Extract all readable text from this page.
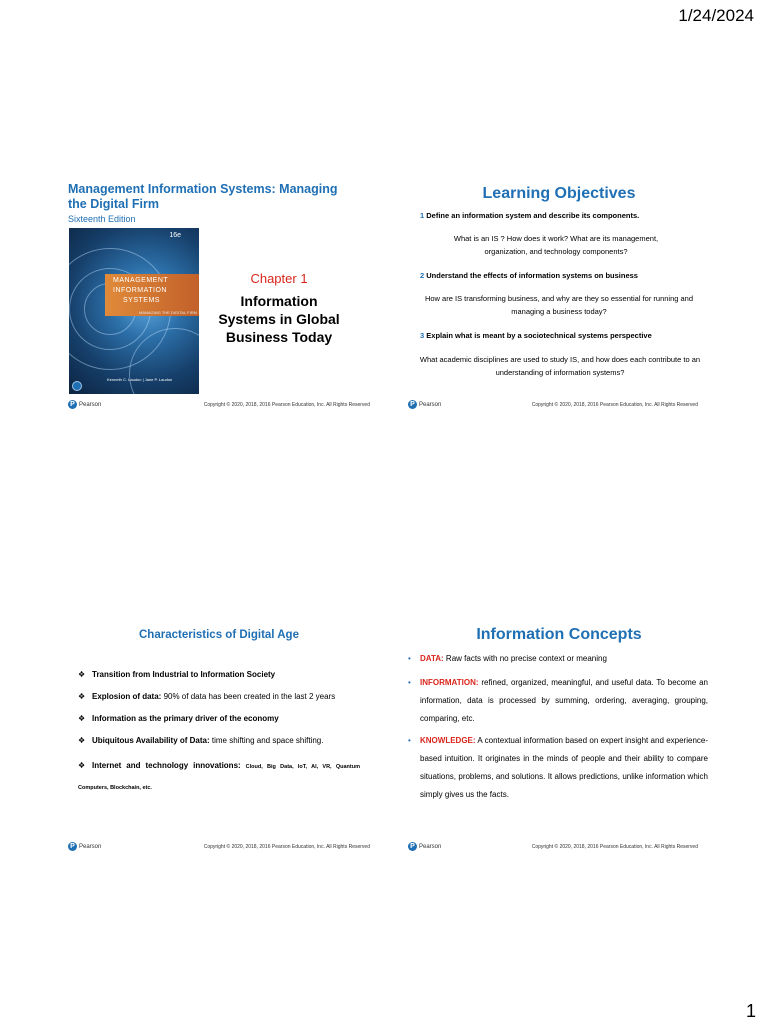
1/24/2024
Management Information Systems: Managing the Digital Firm
Sixteenth Edition
16e
MANAGEMENT
INFORMATION
SYSTEMS
MANAGING THE DIGITAL FIRM
Kenneth C. Laudon | Jane P. Laudon
Chapter 1
Information Systems in Global Business Today
P Pearson	Copyright © 2020, 2018, 2016 Pearson Education, Inc. All Rights Reserved
Learning Objectives
1 Define an information system and describe its components.
What is an IS ? How does it work? What are its management, organization, and technology components?
2 Understand the effects of information systems on business
How are IS transforming business, and why are they so essential for running and managing a business today?
3 Explain what is meant by a sociotechnical systems perspective
What academic disciplines are used to study IS, and how does each contribute to an understanding of information systems?
P Pearson	Copyright © 2020, 2018, 2016 Pearson Education, Inc. All Rights Reserved
Characteristics of Digital Age
❖ Transition from Industrial to Information Society
❖ Explosion of data: 90% of data has been created in the last 2 years
❖ Information as the primary driver of the economy
❖ Ubiquitous Availability of Data: time shifting and space shifting.
❖ Internet and technology innovations: Cloud, Big Data, IoT, AI, VR, Quantum Computers, Blockchain, etc.
P Pearson	Copyright © 2020, 2018, 2016 Pearson Education, Inc. All Rights Reserved
Information Concepts
• DATA: Raw facts with no precise context or meaning
• INFORMATION: refined, organized, meaningful, and useful data. To become an information, data is processed by summing, ordering, averaging, grouping, comparing, etc.
• KNOWLEDGE: A contextual information based on expert insight and experience-based intuition. It originates in the minds of people and their ability to compare situations, problems, and solutions. It allows predictions, unlike information which simply gives us the facts.
P Pearson	Copyright © 2020, 2018, 2016 Pearson Education, Inc. All Rights Reserved
1
